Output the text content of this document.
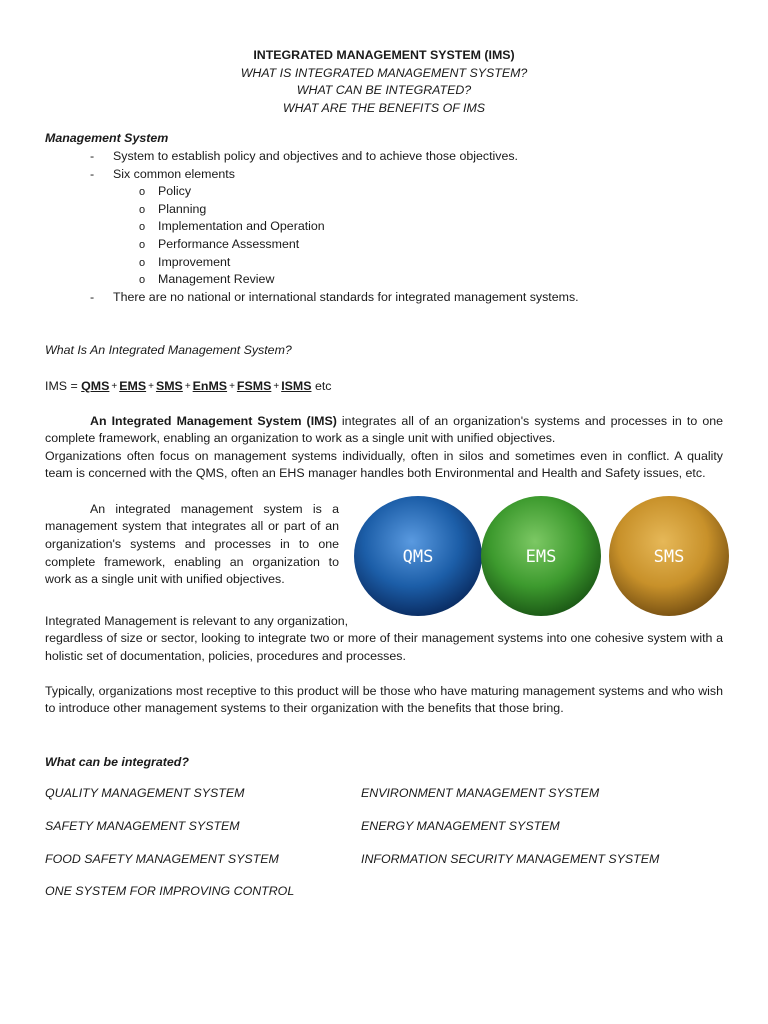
INTEGRATED MANAGEMENT SYSTEM (IMS)
WHAT IS INTEGRATED MANAGEMENT SYSTEM?
WHAT CAN BE INTEGRATED?
WHAT ARE THE BENEFITS OF IMS
Management System
- System to establish policy and objectives and to achieve those objectives.
- Six common elements
o Policy
o Planning
o Implementation and Operation
o Performance Assessment
o Improvement
o Management Review
- There are no national or international standards for integrated management systems.
What Is An Integrated Management System?
IMS = QMS + EMS + SMS + EnMS + FSMS + ISMS etc
An Integrated Management System (IMS) integrates all of an organization's systems and processes in to one complete framework, enabling an organization to work as a single unit with unified objectives.
Organizations often focus on management systems individually, often in silos and sometimes even in conflict. A quality team is concerned with the QMS, often an EHS manager handles both Environmental and Health and Safety issues, etc.
An integrated management system is a management system that integrates all or part of an organization's systems and processes in to one complete framework, enabling an organization to work as a single unit with unified objectives.
QMS	EMS	SMS
Integrated Management is relevant to any organization,
regardless of size or sector, looking to integrate two or more of their management systems into one cohesive system with a holistic set of documentation, policies, procedures and processes.
Typically, organizations most receptive to this product will be those who have maturing management systems and who wish to introduce other management systems to their organization with the benefits that those bring.
What can be integrated?
QUALITY MANAGEMENT SYSTEM	ENVIRONMENT MANAGEMENT SYSTEM
SAFETY MANAGEMENT SYSTEM	ENERGY MANAGEMENT SYSTEM
FOOD SAFETY MANAGEMENT SYSTEM	INFORMATION SECURITY MANAGEMENT SYSTEM
ONE SYSTEM FOR IMPROVING CONTROL
